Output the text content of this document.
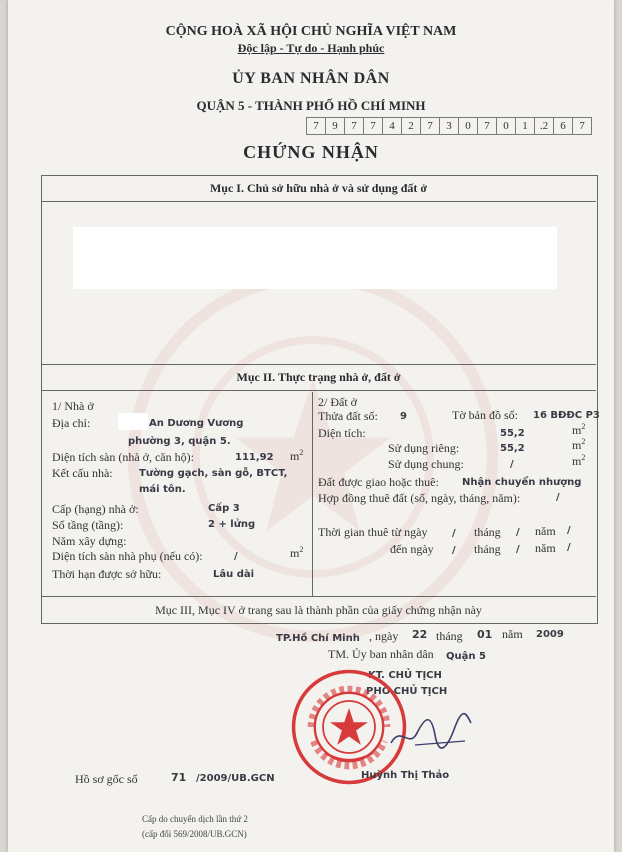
CỘNG HOÀ XÃ HỘI CHỦ NGHĨA VIỆT NAM
Độc lập - Tự do - Hạnh phúc
ỦY BAN NHÂN DÂN
QUẬN 5 - THÀNH PHỐ HỒ CHÍ MINH
7	9	7	7	4	2	7	3	0	7	0	1	.2	6	7
CHỨNG NHẬN
Mục I. Chủ sở hữu nhà ở và sử dụng đất ở
Mục II. Thực trạng nhà ở, đất ở
1/ Nhà ở
Địa chỉ:	An Dương Vương
phường 3, quận 5.
Diện tích sàn (nhà ở, căn hộ):	111,92 $m^2$
Kết cấu nhà:	Tường gạch, sàn gỗ, BTCT,
mái tôn.
Cấp (hạng) nhà ở:	Cấp 3
Số tầng (tầng):	2 + lửng
Năm xây dựng:
Diện tích sàn nhà phụ (nếu có):	/	$m^2$
Thời hạn được sở hữu:	Lâu dài
2/ Đất ở
Thửa đất số: 9	Tờ bản đồ số: 16 BĐĐC P3
Diện tích:	55,2	$m^2$
Sử dụng riêng:	55,2	$m^2$
Sử dụng chung:	/	$m^2$
Đất được giao hoặc thuê: Nhận chuyển nhượng
Hợp đồng thuê đất (số, ngày, tháng, năm):	/
Thời gian thuê từ ngày / tháng / năm /
đến ngày / tháng / năm /
Mục III, Mục IV ở trang sau là thành phần của giấy chứng nhận này
TP.Hồ Chí Minh , ngày 22 tháng 01 năm 2009
TM. Ủy ban nhân dân Quận 5
KT. CHỦ TỊCH
PHÓ CHỦ TỊCH
Huỳnh Thị Thảo
Hồ sơ gốc số	71 /2009/UB.GCN
Cấp do chuyển dịch lần thứ 2
(cấp đổi 569/2008/UB.GCN)
